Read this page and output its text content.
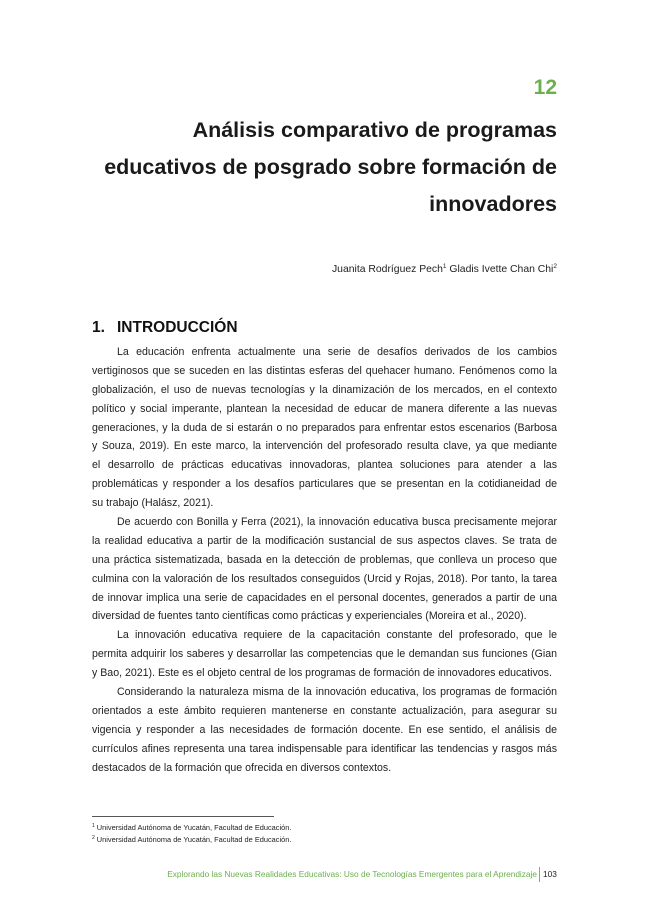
12
Análisis comparativo de programas
educativos de posgrado sobre formación de
innovadores
Juanita Rodríguez Pech$^1$ Gladis Ivette Chan Chi$^2$
1. INTRODUCCIÓN
La educación enfrenta actualmente una serie de desafíos derivados de los cambios
vertiginosos que se suceden en las distintas esferas del quehacer humano. Fenómenos como la
globalización, el uso de nuevas tecnologías y la dinamización de los mercados, en el contexto
político y social imperante, plantean la necesidad de educar de manera diferente a las nuevas
generaciones, y la duda de si estarán o no preparados para enfrentar estos escenarios (Barbosa
y Souza, 2019). En este marco, la intervención del profesorado resulta clave, ya que mediante
el desarrollo de prácticas educativas innovadoras, plantea soluciones para atender a las
problemáticas y responder a los desafíos particulares que se presentan en la cotidianeidad de
su trabajo (Halász, 2021).
De acuerdo con Bonilla y Ferra (2021), la innovación educativa busca precisamente mejorar
la realidad educativa a partir de la modificación sustancial de sus aspectos claves. Se trata de
una práctica sistematizada, basada en la detección de problemas, que conlleva un proceso que
culmina con la valoración de los resultados conseguidos (Urcid y Rojas, 2018). Por tanto, la tarea
de innovar implica una serie de capacidades en el personal docentes, generados a partir de una
diversidad de fuentes tanto científicas como prácticas y experienciales (Moreira et al., 2020).
La innovación educativa requiere de la capacitación constante del profesorado, que le
permita adquirir los saberes y desarrollar las competencias que le demandan sus funciones (Gian
y Bao, 2021). Este es el objeto central de los programas de formación de innovadores educativos.
Considerando la naturaleza misma de la innovación educativa, los programas de formación
orientados a este ámbito requieren mantenerse en constante actualización, para asegurar su
vigencia y responder a las necesidades de formación docente. En ese sentido, el análisis de
currículos afines representa una tarea indispensable para identificar las tendencias y rasgos más
destacados de la formación que ofrecida en diversos contextos.
$^1$ Universidad Autónoma de Yucatán, Facultad de Educación.
$^2$ Universidad Autónoma de Yucatán, Facultad de Educación.
Explorando las Nuevas Realidades Educativas: Uso de Tecnologías Emergentes para el Aprendizaje 103
